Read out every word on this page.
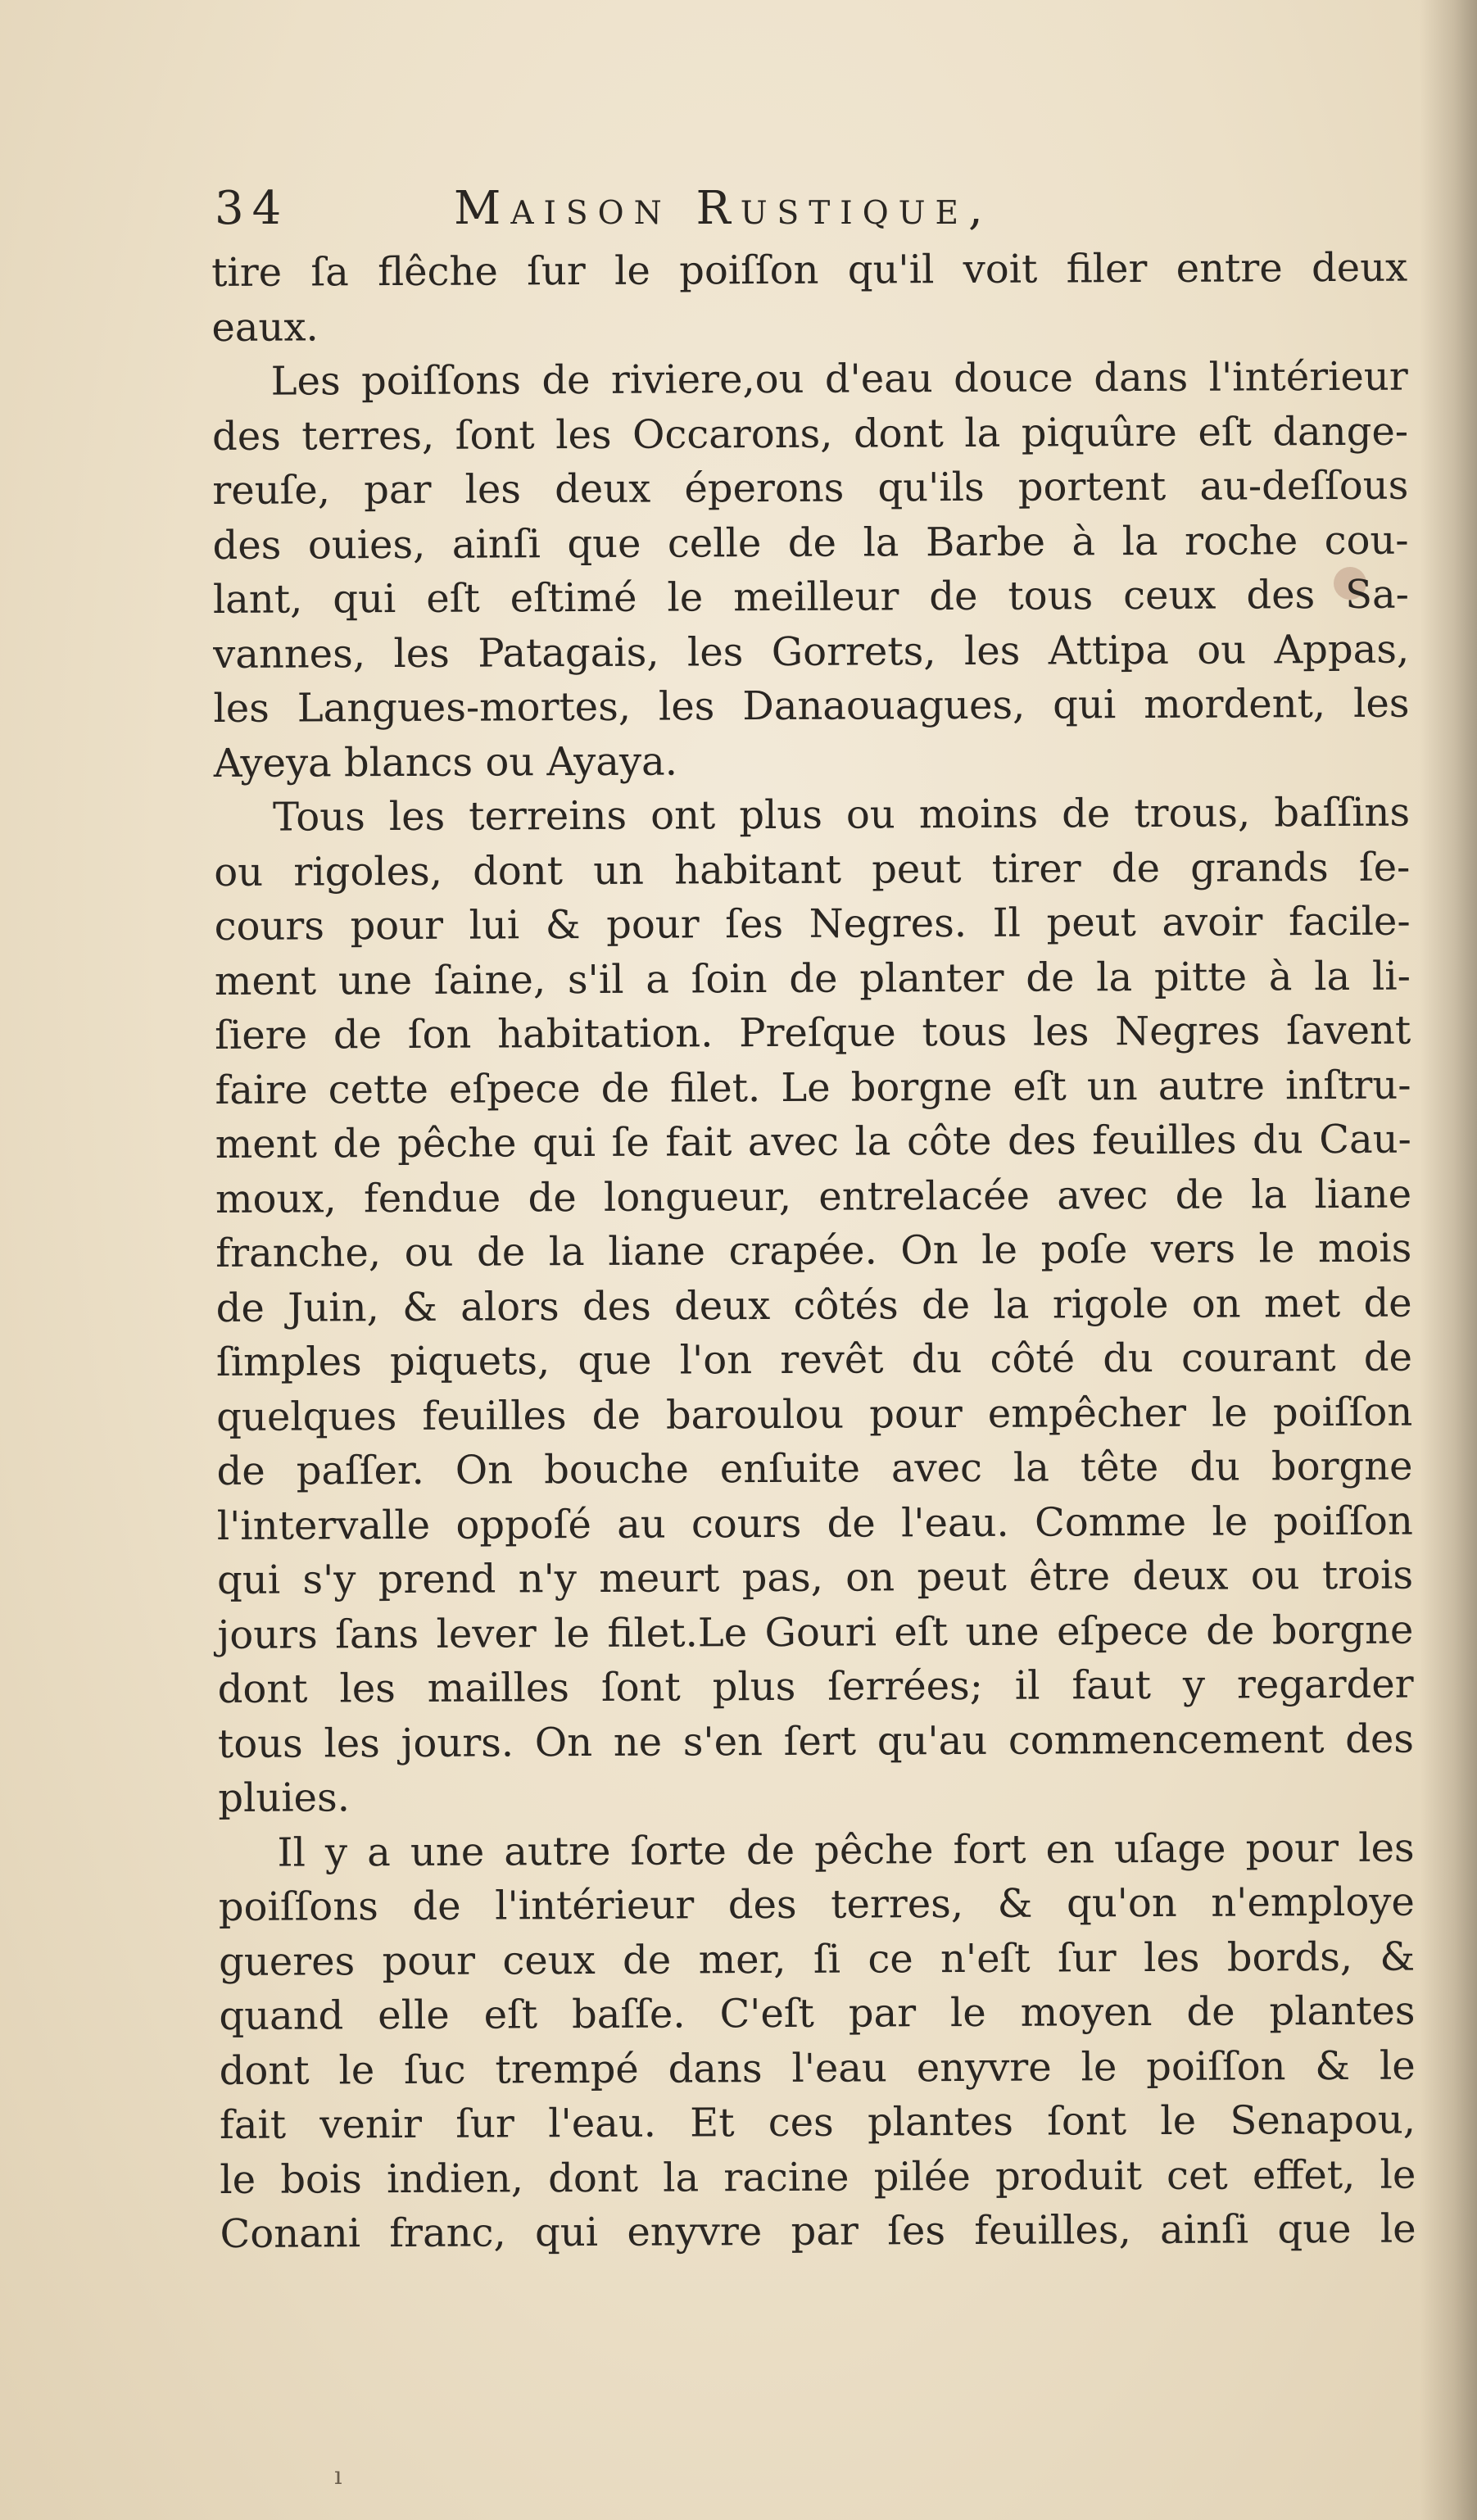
34	Maison Rustique,
tire ſa flêche ſur le poiſſon qu'il voit filer entre deux
eaux.
Les poiſſons de riviere,ou d'eau douce dans l'intérieur
des terres, ſont les Occarons, dont la piquûre eſt dange-
reuſe, par les deux éperons qu'ils portent au-deſſous
des ouies, ainſi que celle de la Barbe à la roche cou-
lant, qui eſt eſtimé le meilleur de tous ceux des Sa-
vannes, les Patagais, les Gorrets, les Attipa ou Appas,
les Langues-mortes, les Danaouagues, qui mordent, les
Ayeya blancs ou Ayaya.
Tous les terreins ont plus ou moins de trous, baſſins
ou rigoles, dont un habitant peut tirer de grands ſe-
cours pour lui & pour ſes Negres. Il peut avoir facile-
ment une ſaine, s'il a ſoin de planter de la pitte à la li-
ſiere de ſon habitation. Preſque tous les Negres ſavent
faire cette eſpece de filet. Le borgne eſt un autre inſtru-
ment de pêche qui ſe fait avec la côte des feuilles du Cau-
moux, fendue de longueur, entrelacée avec de la liane
franche, ou de la liane crapée. On le poſe vers le mois
de Juin, & alors des deux côtés de la rigole on met de
ſimples piquets, que l'on revêt du côté du courant de
quelques feuilles de baroulou pour empêcher le poiſſon
de paſſer. On bouche enſuite avec la tête du borgne
l'intervalle oppoſé au cours de l'eau. Comme le poiſſon
qui s'y prend n'y meurt pas, on peut être deux ou trois
jours ſans lever le filet.Le Gouri eſt une eſpece de borgne
dont les mailles ſont plus ſerrées; il faut y regarder
tous les jours. On ne s'en ſert qu'au commencement des
pluies.
Il y a une autre ſorte de pêche fort en uſage pour les
poiſſons de l'intérieur des terres, & qu'on n'employe
gueres pour ceux de mer, ſi ce n'eſt ſur les bords, &
quand elle eſt baſſe. C'eſt par le moyen de plantes
dont le ſuc trempé dans l'eau enyvre le poiſſon & le
fait venir ſur l'eau. Et ces plantes ſont le Senapou,
le bois indien, dont la racine pilée produit cet effet, le
Conani franc, qui enyvre par ſes feuilles, ainſi que le
ı
